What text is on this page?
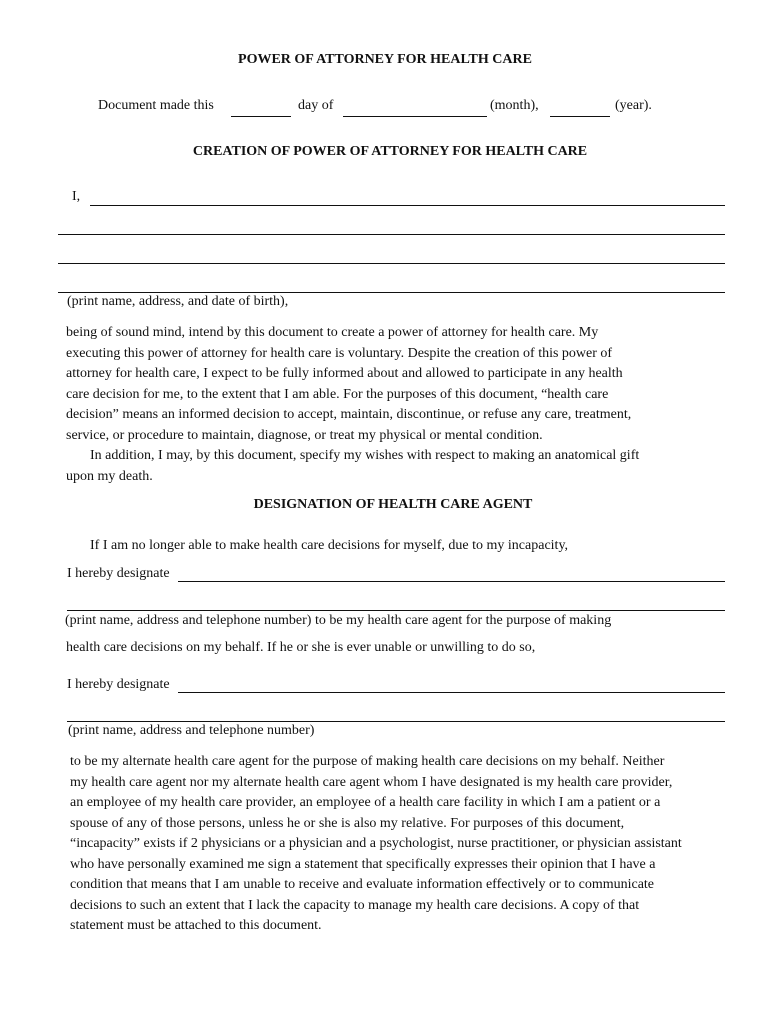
POWER OF ATTORNEY FOR HEALTH CARE
Document made this	day of	(month),	(year).
CREATION OF POWER OF ATTORNEY FOR HEALTH CARE
I,
(print name, address, and date of birth),
being of sound mind, intend by this document to create a power of attorney for health care. My
executing this power of attorney for health care is voluntary. Despite the creation of this power of
attorney for health care, I expect to be fully informed about and allowed to participate in any health
care decision for me, to the extent that I am able. For the purposes of this document, “health care
decision” means an informed decision to accept, maintain, discontinue, or refuse any care, treatment,
service, or procedure to maintain, diagnose, or treat my physical or mental condition.
In addition, I may, by this document, specify my wishes with respect to making an anatomical gift
upon my death.
DESIGNATION OF HEALTH CARE AGENT
If I am no longer able to make health care decisions for myself, due to my incapacity,
I hereby designate
(print name, address and telephone number) to be my health care agent for the purpose of making
health care decisions on my behalf. If he or she is ever unable or unwilling to do so,
I hereby designate
(print name, address and telephone number)
to be my alternate health care agent for the purpose of making health care decisions on my behalf. Neither
my health care agent nor my alternate health care agent whom I have designated is my health care provider,
an employee of my health care provider, an employee of a health care facility in which I am a patient or a
spouse of any of those persons, unless he or she is also my relative. For purposes of this document,
“incapacity” exists if 2 physicians or a physician and a psychologist, nurse practitioner, or physician assistant
who have personally examined me sign a statement that specifically expresses their opinion that I have a
condition that means that I am unable to receive and evaluate information effectively or to communicate
decisions to such an extent that I lack the capacity to manage my health care decisions. A copy of that
statement must be attached to this document.
